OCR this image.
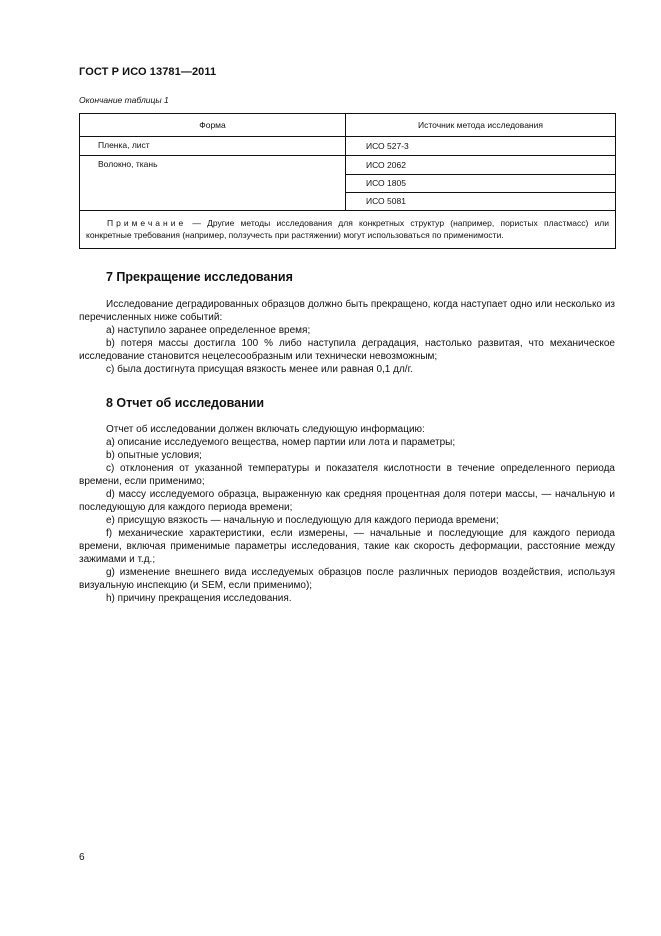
ГОСТ Р ИСО 13781—2011
Окончание таблицы 1
Форма	Источник метода исследования
Пленка, лист	ИСО 527-3
Волокно, ткань	ИСО 2062
	ИСО 1805
	ИСО 5081
Примечание — Другие методы исследования для конкретных структур (например, пористых пластмасс) или конкретные требования (например, ползучесть при растяжении) могут использоваться по применимости.	
7 Прекращение исследования

Исследование деградированных образцов должно быть прекращено, когда наступает одно или несколько из перечисленных ниже событий:

a) наступило заранее определенное время;

b) потеря массы достигла 100 % либо наступила деградация, настолько развитая, что механическое исследование становится нецелесообразным или технически невозможным;

c) была достигнута присущая вязкость менее или равная 0,1 дл/г.

8 Отчет об исследовании

Отчет об исследовании должен включать следующую информацию:

a) описание исследуемого вещества, номер партии или лота и параметры;

b) опытные условия;

c) отклонения от указанной температуры и показателя кислотности в течение определенного периода времени, если применимо;

d) массу исследуемого образца, выраженную как средняя процентная доля потери массы, — начальную и последующую для каждого периода времени;

e) присущую вязкость — начальную и последующую для каждого периода времени;

f) механические характеристики, если измерены, — начальные и последующие для каждого периода времени, включая применимые параметры исследования, такие как скорость деформации, расстояние между зажимами и т.д.;

g) изменение внешнего вида исследуемых образцов после различных периодов воздействия, используя визуальную инспекцию (и SEM, если применимо);

h) причину прекращения исследования.

6
